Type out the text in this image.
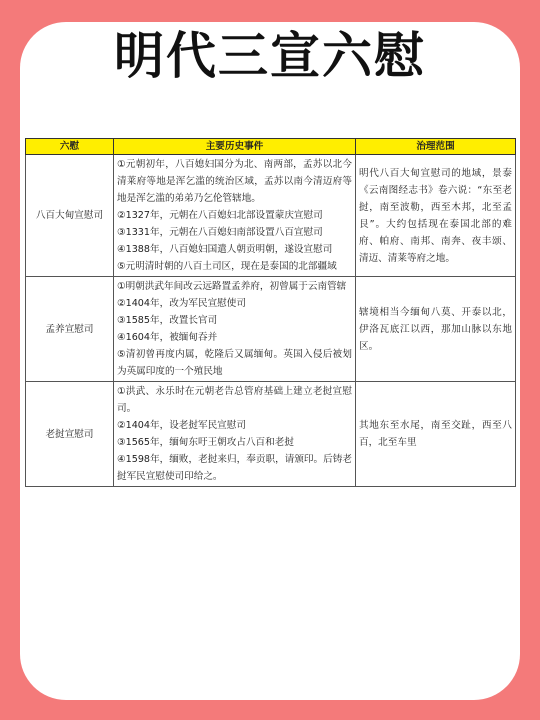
明代三宣六慰
六慰	主要历史事件	治理范围
八百大甸宣慰司	①元朝初年，八百媳妇国分为北、南两部，孟苏以北今清莱府等地是浑乞滥的统治区域，孟苏以南今清迈府等地是浑乞滥的弟弟乃乞伦管辖地。
②1327年，元朝在八百媳妇北部设置蒙庆宣慰司
③1331年，元朝在八百媳妇南部设置八百宣慰司
④1388年，八百媳妇国遣人朝贡明朝，遂设宣慰司
⑤元明清时朝的八百土司区，现在是泰国的北部疆域	明代八百大甸宣慰司的地域，景泰《云南图经志书》卷六说：“东至老挝，南至波勒，西至木邦，北至孟艮”。大约包括现在泰国北部的难府、帕府、南邦、南奔、夜丰颂、清迈、清莱等府之地。
孟养宣慰司	①明朝洪武年间改云远路置孟养府，初曾属于云南管辖
②1404年，改为军民宣慰使司
③1585年，改置长官司
④1604年，被缅甸吞并
⑤清初曾再度内属，乾隆后又属缅甸。英国入侵后被划为英属印度的一个殖民地	辖境相当今缅甸八莫、开泰以北，伊洛瓦底江以西，那加山脉以东地区。
老挝宣慰司	①洪武、永乐时在元朝老告总管府基础上建立老挝宣慰司。
②1404年，设老挝军民宣慰司
③1565年，缅甸东吁王朝攻占八百和老挝
④1598年，缅败，老挝来归，奉贡职，请颁印。后铸老挝军民宣慰使司印给之。	其地东至水尾，南至交趾，西至八百，北至车里
